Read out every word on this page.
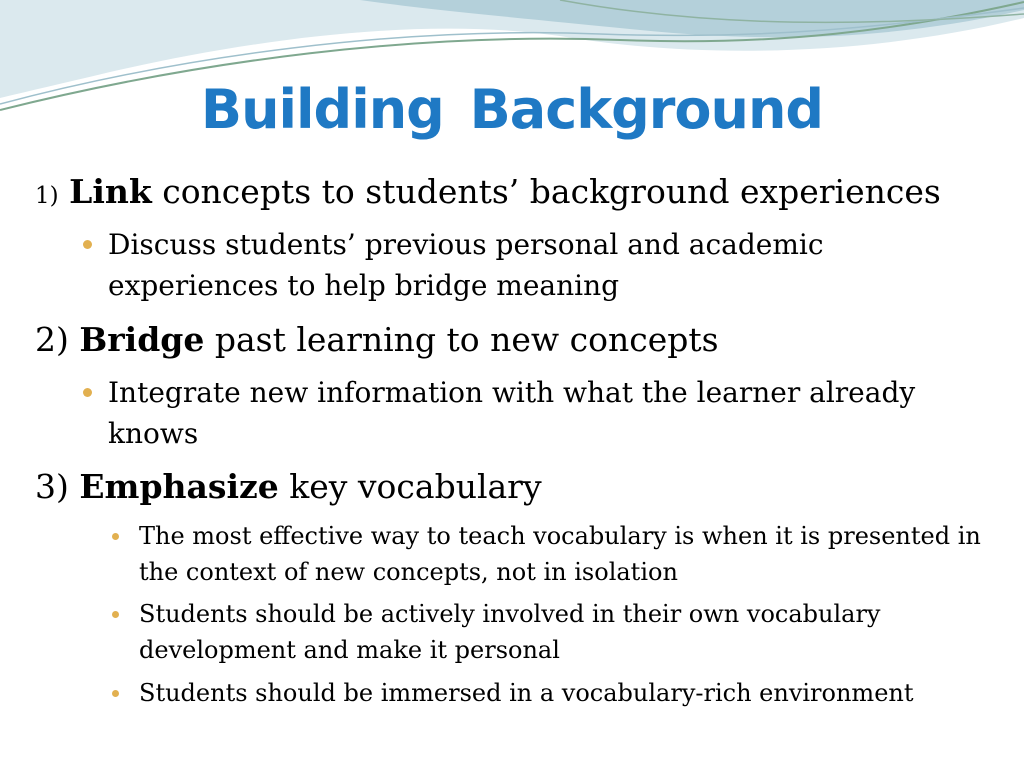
Building Background
1) Link concepts to students’ background experiences
Discuss students’ previous personal and academic experiences to help bridge meaning
2) Bridge past learning to new concepts
Integrate new information with what the learner already knows
3) Emphasize key vocabulary
The most effective way to teach vocabulary is when it is presented in the context of new concepts, not in isolation
Students should be actively involved in their own vocabulary development and make it personal
Students should be immersed in a vocabulary-rich environment
